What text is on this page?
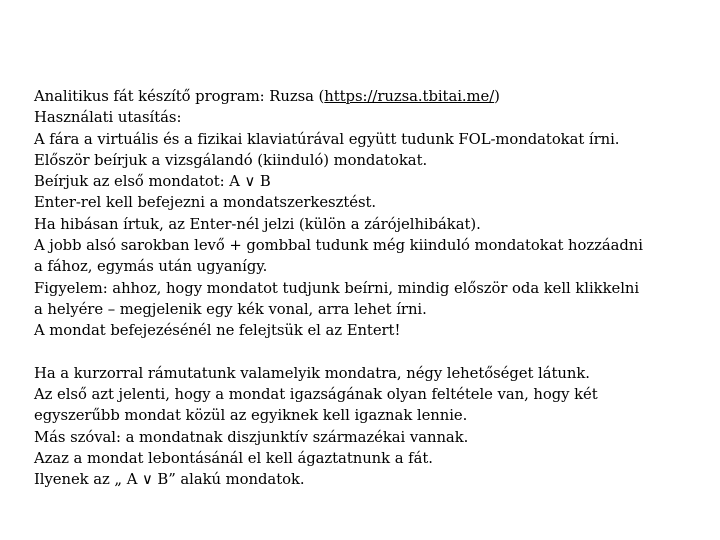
Analitikus fát készítő program: Ruzsa (https://ruzsa.tbitai.me/)
Használati utasítás:
A fára a virtuális és a fizikai klaviatúrával együtt tudunk FOL-mondatokat írni.
Először beírjuk a vizsgálandó (kiinduló) mondatokat.
Beírjuk az első mondatot: A ∨ B
Enter-rel kell befejezni a mondatszerkesztést.
Ha hibásan írtuk, az Enter-nél jelzi (külön a zárójelhibákat).
A jobb alsó sarokban levő + gombbal tudunk még kiinduló mondatokat hozzáadni
a fához, egymás után ugyanígy.
Figyelem: ahhoz, hogy mondatot tudjunk beírni, mindig először oda kell klikkelni
a helyére – megjelenik egy kék vonal, arra lehet írni.
A mondat befejezésénél ne felejtsük el az Entert!
Ha a kurzorral rámutatunk valamelyik mondatra, négy lehetőséget látunk.
Az első azt jelenti, hogy a mondat igazságának olyan feltétele van, hogy két
egyszerűbb mondat közül az egyiknek kell igaznak lennie.
Más szóval: a mondatnak diszjunktív származékai vannak.
Azaz a mondat lebontásánál el kell ágaztatnunk a fát.
Ilyenek az „ A ∨ B” alakú mondatok.
